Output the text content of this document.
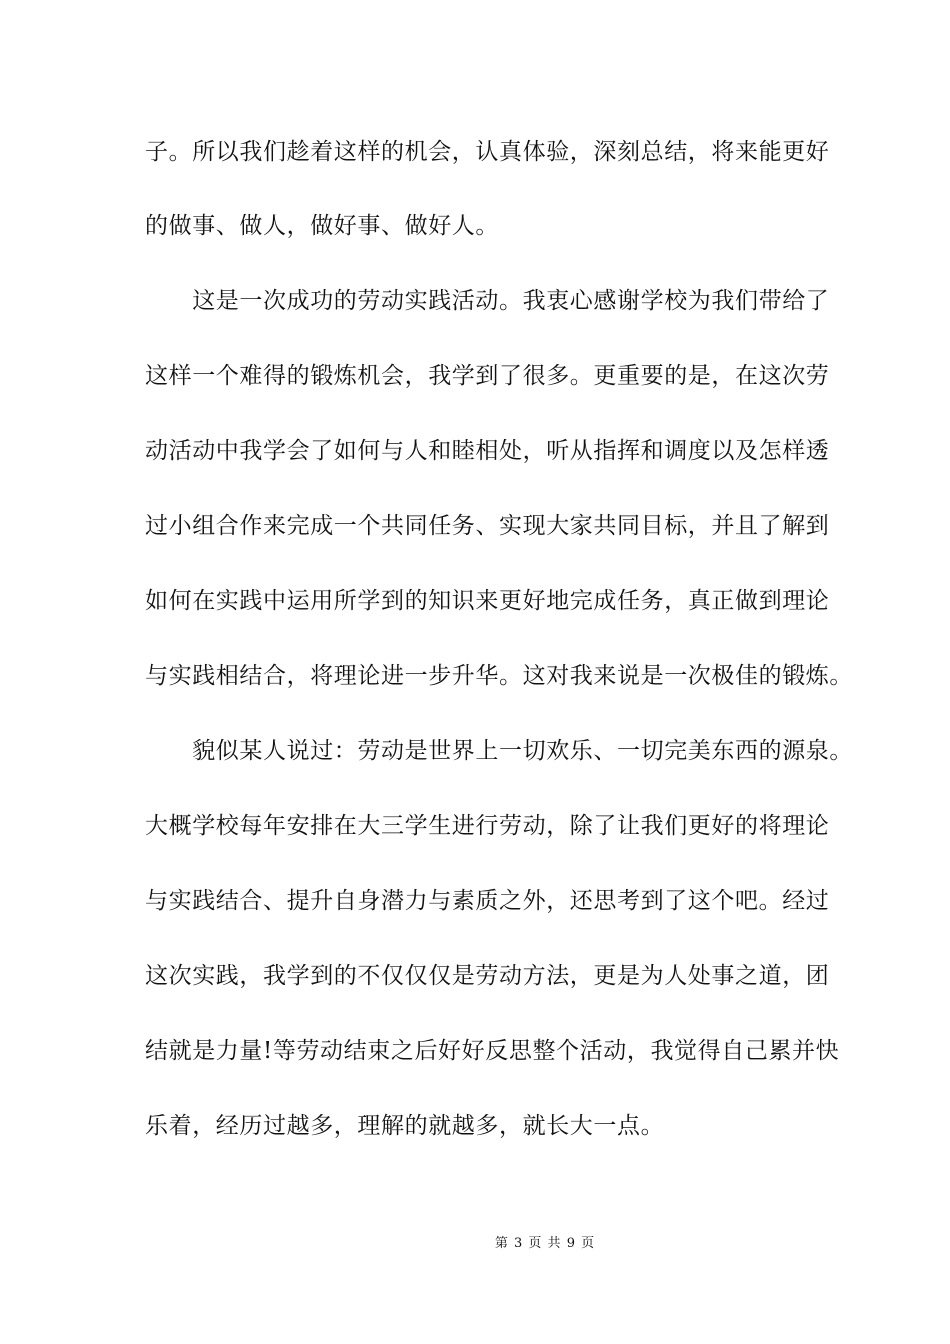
子。所以我们趁着这样的机会，认真体验，深刻总结，将来能更好
的做事、做人，做好事、做好人。
　　这是一次成功的劳动实践活动。我衷心感谢学校为我们带给了
这样一个难得的锻炼机会，我学到了很多。更重要的是，在这次劳
动活动中我学会了如何与人和睦相处，听从指挥和调度以及怎样透
过小组合作来完成一个共同任务、实现大家共同目标，并且了解到
如何在实践中运用所学到的知识来更好地完成任务，真正做到理论
与实践相结合，将理论进一步升华。这对我来说是一次极佳的锻炼。
　　貌似某人说过：劳动是世界上一切欢乐、一切完美东西的源泉。
大概学校每年安排在大三学生进行劳动，除了让我们更好的将理论
与实践结合、提升自身潜力与素质之外，还思考到了这个吧。经过
这次实践，我学到的不仅仅仅是劳动方法，更是为人处事之道，团
结就是力量!等劳动结束之后好好反思整个活动，我觉得自己累并快
乐着，经历过越多，理解的就越多，就长大一点。
第 3 页 共 9 页
